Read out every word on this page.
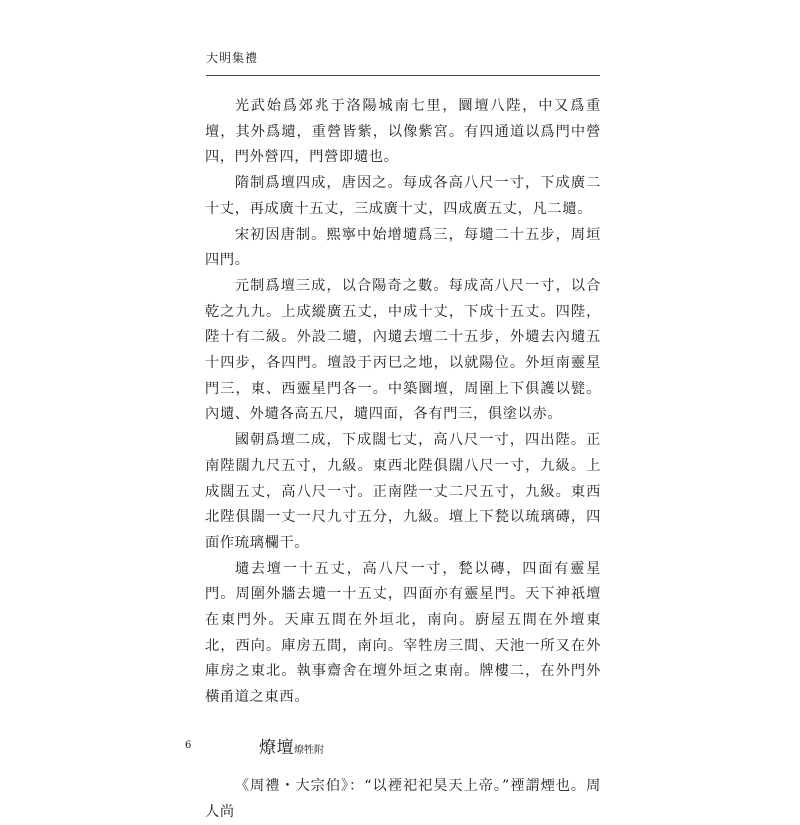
大明集禮

光武始爲郊兆于洛陽城南七里，圜壇八陛，中又爲重壇，其外爲壝，重營皆紫，以像紫宮。有四通道以爲門中營四，門外營四，門營即壝也。

隋制爲壇四成，唐因之。每成各高八尺一寸，下成廣二十丈，再成廣十五丈，三成廣十丈，四成廣五丈，凡二壝。

宋初因唐制。熙寧中始增壝爲三，每壝二十五步，周垣四門。

元制爲壇三成，以合陽奇之數。每成高八尺一寸，以合乾之九九。上成縱廣五丈，中成十丈，下成十五丈。四陛，陛十有二級。外設二壝，內壝去壇二十五步，外壝去內壝五十四步，各四門。壇設于丙巳之地，以就陽位。外垣南靈星門三，東、西靈星門各一。中築圜壇，周圍上下俱護以甓。內壝、外壝各高五尺，壝四面，各有門三，俱塗以赤。

國朝爲壇二成，下成闊七丈，高八尺一寸，四出陛。正南陛闊九尺五寸，九級。東西北陛俱闊八尺一寸，九級。上成闊五丈，高八尺一寸。正南陛一丈二尺五寸，九級。東西北陛俱闊一丈一尺九寸五分，九級。壇上下甃以琉璃磚，四面作琉璃欄干。

壝去壇一十五丈，高八尺一寸，甃以磚，四面有靈星門。周圍外牆去壝一十五丈，四面亦有靈星門。天下神祇壇在東門外。天庫五間在外垣北，南向。廚屋五間在外壇東北，西向。庫房五間，南向。宰牲房三間、天池一所又在外庫房之東北。執事齋舍在壇外垣之東南。牌樓二，在外門外橫甬道之東西。

燎壇燎牲附

《周禮・大宗伯》：“以禋祀祀昊天上帝。”禋謂煙也。周人尚

6
